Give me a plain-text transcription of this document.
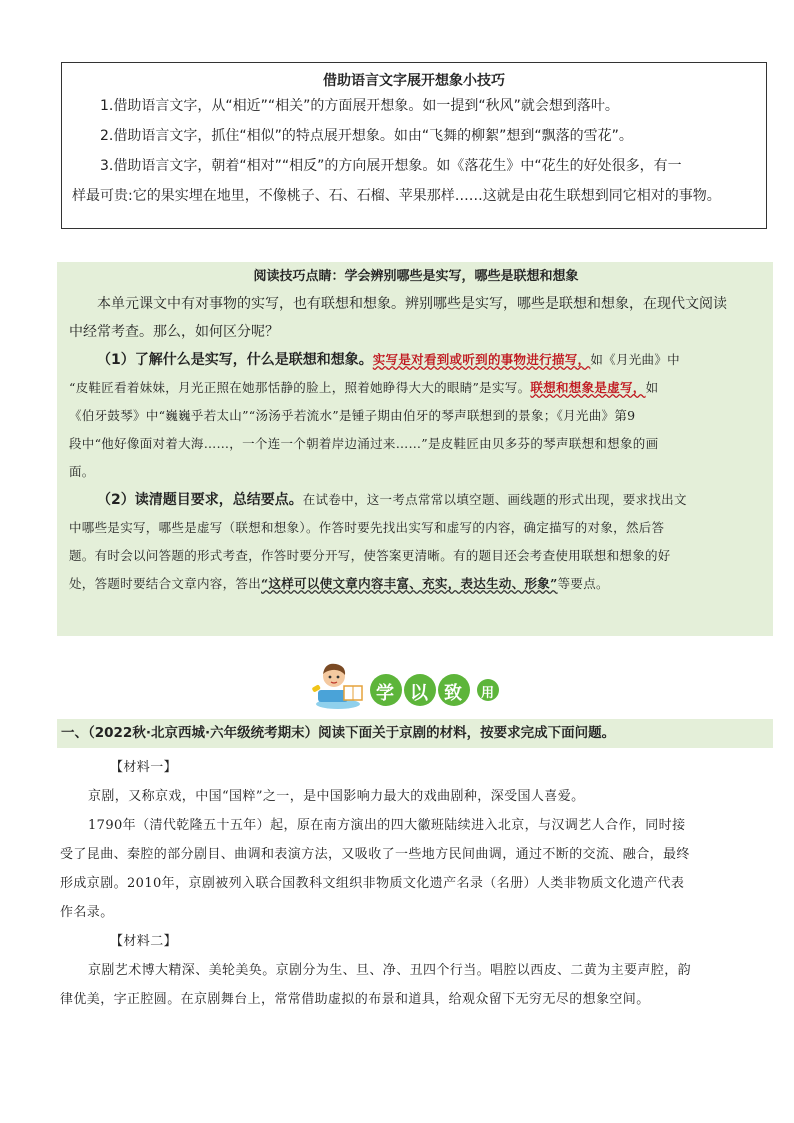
借助语言文字展开想象小技巧
1.借助语言文字，从“相近”“相关”的方面展开想象。如一提到“秋风”就会想到落叶。
2.借助语言文字，抓住“相似”的特点展开想象。如由“飞舞的柳絮”想到“飘落的雪花”。
3.借助语言文字，朝着“相对”“相反”的方向展开想象。如《落花生》中“花生的好处很多，有一
样最可贵:它的果实埋在地里，不像桃子、石、石榴、苹果那样……这就是由花生联想到同它相对的事物。
阅读技巧点睛：学会辨别哪些是实写，哪些是联想和想象
本单元课文中有对事物的实写，也有联想和想象。辨别哪些是实写，哪些是联想和想象，在现代文阅读
中经常考查。那么，如何区分呢？
（1）了解什么是实写，什么是联想和想象。实写是对看到或听到的事物进行描写，如《月光曲》中
“皮鞋匠看着妹妹，月光正照在她那恬静的脸上，照着她睁得大大的眼睛”是实写。联想和想象是虚写，如
《伯牙鼓琴》中“巍巍乎若太山”“汤汤乎若流水”是锺子期由伯牙的琴声联想到的景象；《月光曲》第9
段中“他好像面对着大海……，一个连一个朝着岸边涌过来……”是皮鞋匠由贝多芬的琴声联想和想象的画
面。
（2）读清题目要求，总结要点。在试卷中，这一考点常常以填空题、画线题的形式出现，要求找出文
中哪些是实写，哪些是虚写（联想和想象）。作答时要先找出实写和虚写的内容，确定描写的对象，然后答
题。有时会以问答题的形式考查，作答时要分开写，使答案更清晰。有的题目还会考查使用联想和想象的好
处，答题时要结合文章内容，答出“这样可以使文章内容丰富、充实，表达生动、形象”等要点。
学 以 致 用
一、（2022秋·北京西城·六年级统考期末）阅读下面关于京剧的材料，按要求完成下面问题。
【材料一】
京剧，又称京戏，中国“国粹”之一，是中国影响力最大的戏曲剧种，深受国人喜爱。
1790年（清代乾隆五十五年）起，原在南方演出的四大徽班陆续进入北京，与汉调艺人合作，同时接
受了昆曲、秦腔的部分剧目、曲调和表演方法，又吸收了一些地方民间曲调，通过不断的交流、融合，最终
形成京剧。2010年，京剧被列入联合国教科文组织非物质文化遗产名录（名册）人类非物质文化遗产代表
作名录。
【材料二】
京剧艺术博大精深、美轮美奂。京剧分为生、旦、净、丑四个行当。唱腔以西皮、二黄为主要声腔，韵
律优美，字正腔圆。在京剧舞台上，常常借助虚拟的布景和道具，给观众留下无穷无尽的想象空间。
